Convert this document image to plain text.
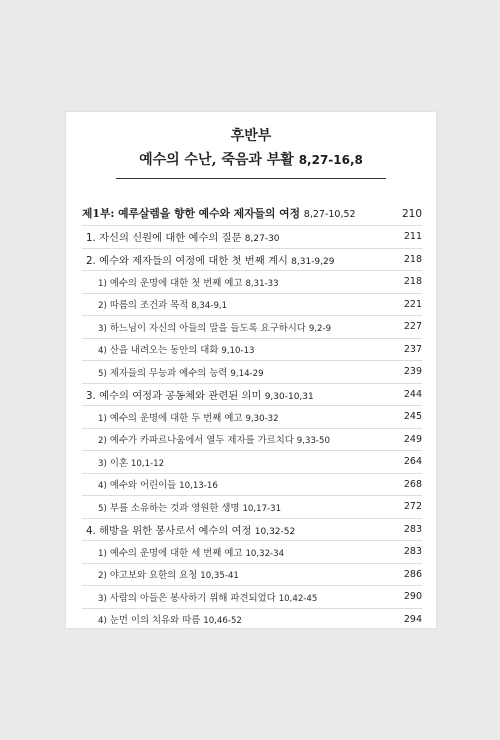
후반부
예수의 수난, 죽음과 부활 8,27-16,8
제1부: 예루살렘을 향한 예수와 제자들의 여정 8,27-10,52	210
1. 자신의 신원에 대한 예수의 질문 8,27-30	211
2. 예수와 제자들의 여정에 대한 첫 번째 계시 8,31-9,29	218
1) 예수의 운명에 대한 첫 번째 예고 8,31-33	218
2) 따름의 조건과 목적 8,34-9,1	221
3) 하느님이 자신의 아들의 말을 들도록 요구하시다 9,2-9	227
4) 산을 내려오는 동안의 대화 9,10-13	237
5) 제자들의 무능과 예수의 능력 9,14-29	239
3. 예수의 여정과 공동체와 관련된 의미 9,30-10,31	244
1) 예수의 운명에 대한 두 번째 예고 9,30-32	245
2) 예수가 카파르나움에서 열두 제자를 가르치다 9,33-50	249
3) 이혼 10,1-12	264
4) 예수와 어린이들 10,13-16	268
5) 부를 소유하는 것과 영원한 생명 10,17-31	272
4. 해방을 위한 봉사로서 예수의 여정 10,32-52	283
1) 예수의 운명에 대한 세 번째 예고 10,32-34	283
2) 야고보와 요한의 요청 10,35-41	286
3) 사람의 아들은 봉사하기 위해 파견되었다 10,42-45	290
4) 눈먼 이의 치유와 따름 10,46-52	294
